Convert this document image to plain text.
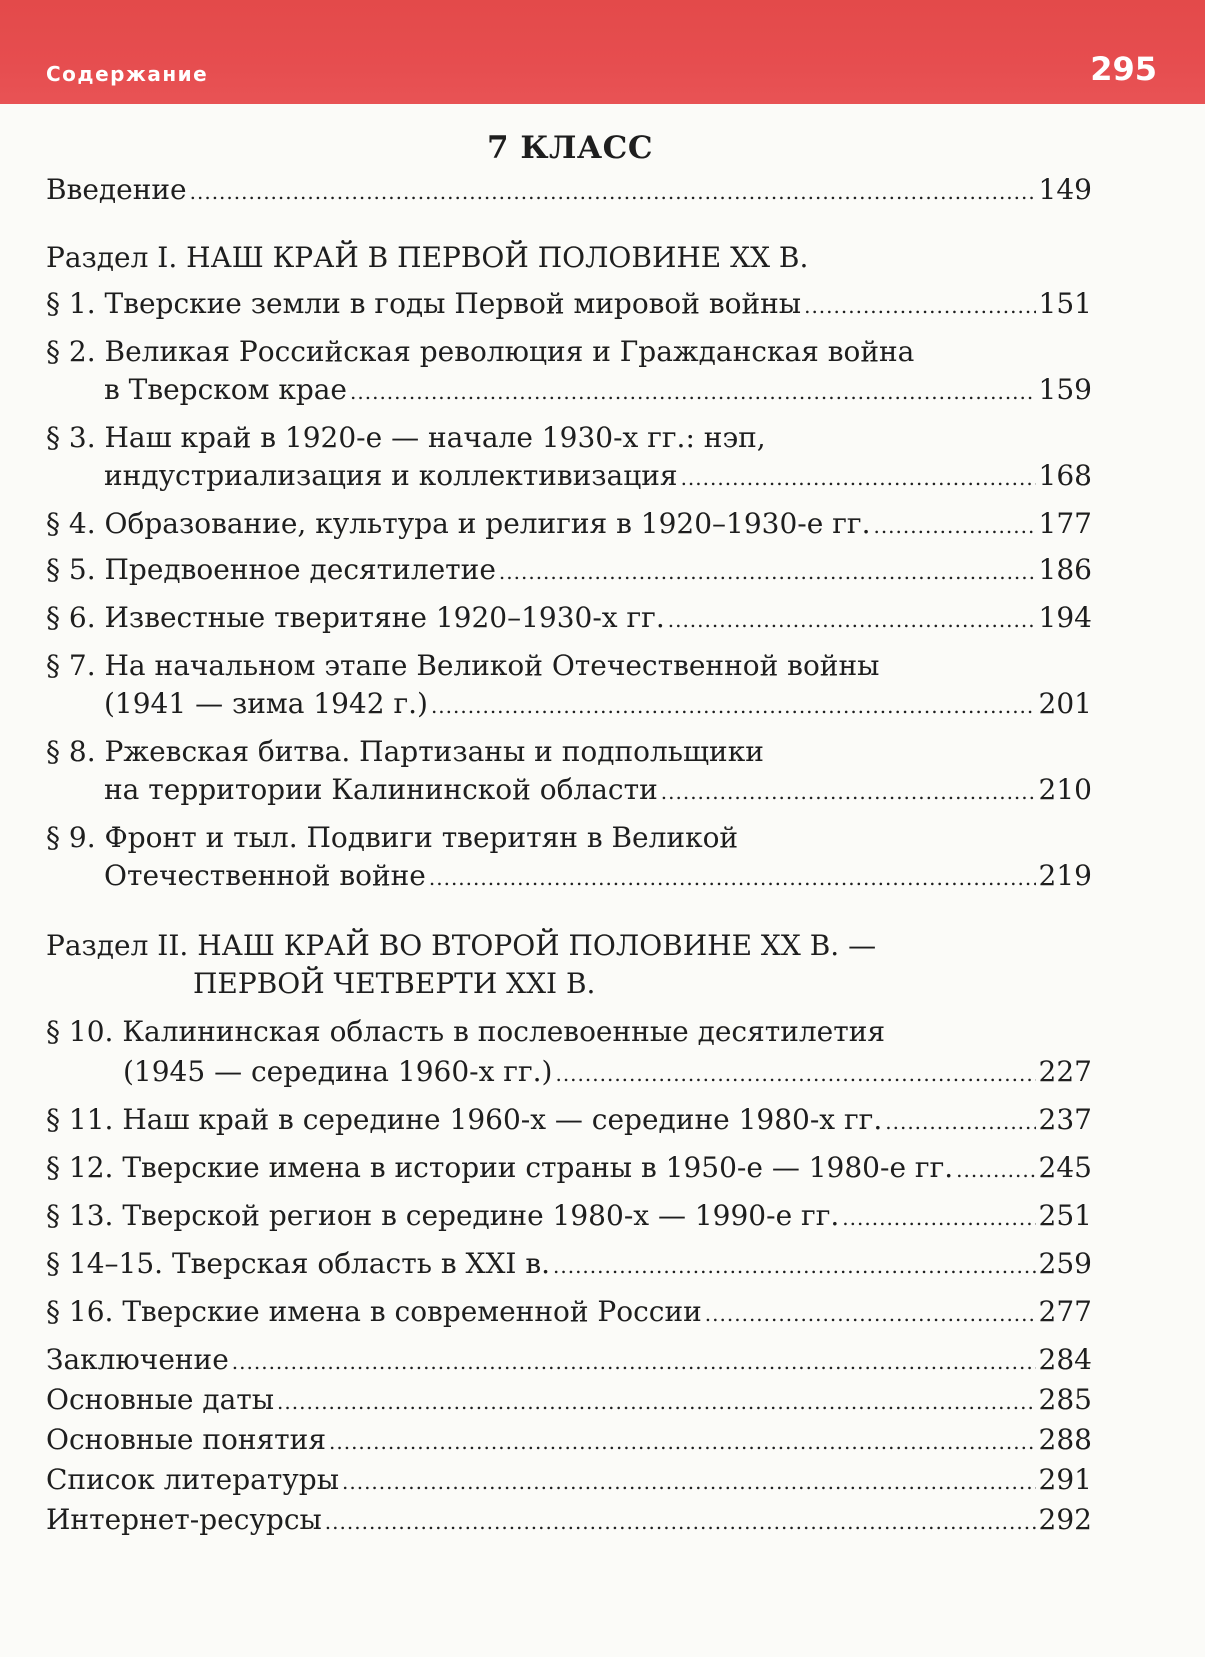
Содержание	295
7 КЛАСС
Введение .....	149
Раздел I. НАШ КРАЙ В ПЕРВОЙ ПОЛОВИНЕ XX В.
§ 1. Тверские земли в годы Первой мировой войны .....	151
§ 2. Великая Российская революция и Гражданская война
в Тверском крае .....	159
§ 3. Наш край в 1920-е — начале 1930-х гг.: нэп,
индустриализация и коллективизация .....	168
§ 4. Образование, культура и религия в 1920–1930-е гг. .....	177
§ 5. Предвоенное десятилетие .....	186
§ 6. Известные тверитяне 1920–1930-х гг. .....	194
§ 7. На начальном этапе Великой Отечественной войны
(1941 — зима 1942 г.) .....	201
§ 8. Ржевская битва. Партизаны и подпольщики
на территории Калининской области .....	210
§ 9. Фронт и тыл. Подвиги тверитян в Великой
Отечественной войне .....	219
Раздел II. НАШ КРАЙ ВО ВТОРОЙ ПОЛОВИНЕ XX В. —
ПЕРВОЙ ЧЕТВЕРТИ XXI В.
§ 10. Калининская область в послевоенные десятилетия
(1945 — середина 1960-х гг.) .....	227
§ 11. Наш край в середине 1960-х — середине 1980-х гг. .....	237
§ 12. Тверские имена в истории страны в 1950-е — 1980-е гг. .....	245
§ 13. Тверской регион в середине 1980-х — 1990-е гг. .....	251
§ 14–15. Тверская область в XXI в. .....	259
§ 16. Тверские имена в современной России .....	277
Заключение .....	284
Основные даты .....	285
Основные понятия .....	288
Список литературы .....	291
Интернет-ресурсы .....	292
